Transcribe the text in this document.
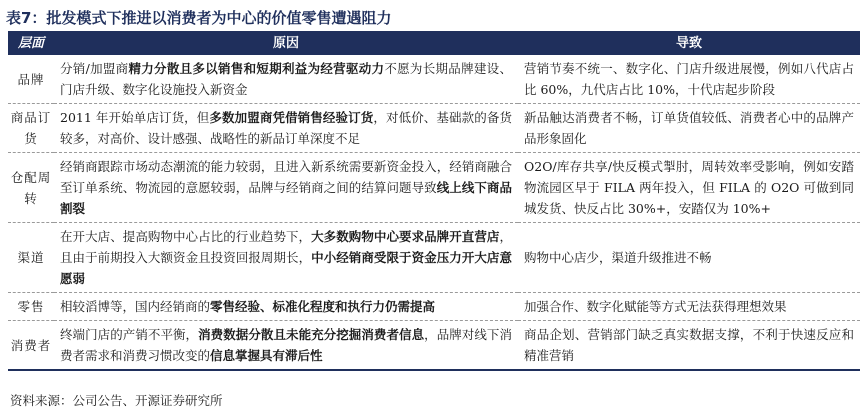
表7：批发模式下推进以消费者为中心的价值零售遭遇阻力
层面	原因	导致
品牌	分销/加盟商精力分散且多以销售和短期利益为经营驱动力不愿为长期品牌建设、门店升级、数字化设施投入新资金	营销节奏不统一、数字化、门店升级进展慢，例如八代店占比 60%，九代店占比 10%，十代店起步阶段
商品订货	2011 年开始单店订货，但多数加盟商凭借销售经验订货，对低价、基础款的备货较多，对高价、设计感强、战略性的新品订单深度不足	新品触达消费者不畅，订单货值较低、消费者心中的品牌产品形象固化
仓配周转	经销商跟踪市场动态潮流的能力较弱，且进入新系统需要新资金投入，经销商融合至订单系统、物流园的意愿较弱，品牌与经销商之间的结算问题导致线上线下商品割裂	O2O/库存共享/快反模式掣肘，周转效率受影响，例如安踏物流园区早于 FILA 两年投入，但 FILA 的 O2O 可做到同城发货、快反占比 30%+，安踏仅为 10%+
渠道	在开大店、提高购物中心占比的行业趋势下，大多数购物中心要求品牌开直营店，且由于前期投入大额资金且投资回报周期长，中小经销商受限于资金压力开大店意愿弱	购物中心店少，渠道升级推进不畅
零售	相较滔博等，国内经销商的零售经验、标准化程度和执行力仍需提高	加强合作、数字化赋能等方式无法获得理想效果
消费者	终端门店的产销不平衡，消费数据分散且未能充分挖掘消费者信息，品牌对线下消费者需求和消费习惯改变的信息掌握具有滞后性	商品企划、营销部门缺乏真实数据支撑，不利于快速反应和精准营销
资料来源：公司公告、开源证券研究所
